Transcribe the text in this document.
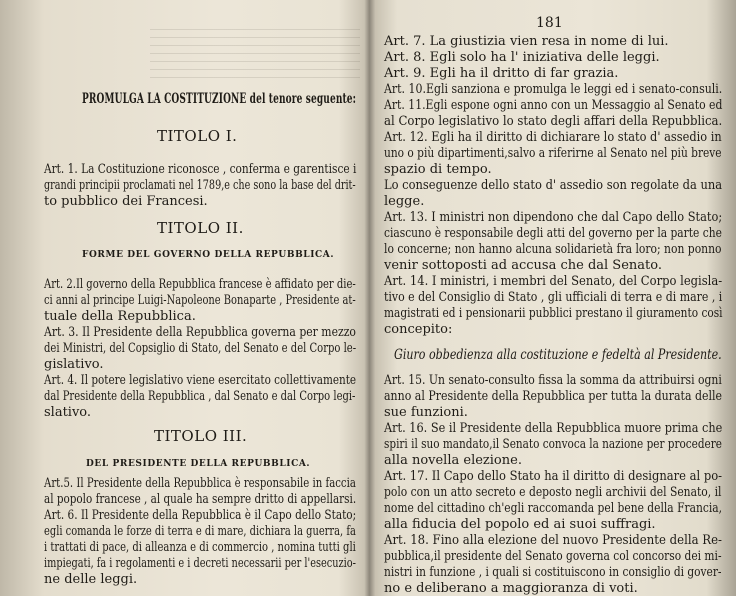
PROMULGA LA COSTITUZIONE del tenore seguente:
TITOLO I.
Art. 1. La Costituzione riconosce , conferma e garentisce i
grandi principii proclamati nel 1789,e che sono la base del drit-
to pubblico dei Francesi.
TITOLO II.
FORME DEL GOVERNO DELLA REPUBBLICA.
Art. 2.Il governo della Repubblica francese è affidato per die-
ci anni al principe Luigi-Napoleone Bonaparte , Presidente at-
tuale della Repubblica.
Art. 3. Il Presidente della Repubblica governa per mezzo
dei Ministri, del Copsiglio di Stato, del Senato e del Corpo le-
gislativo.
Art. 4. Il potere legislativo viene esercitato collettivamente
dal Presidente della Repubblica , dal Senato e dal Corpo legi-
slativo.
TITOLO III.
DEL PRESIDENTE DELLA REPUBBLICA.
Art.5. Il Presidente della Repubblica è responsabile in faccia
al popolo francese , al quale ha sempre dritto di appellarsi.
Art. 6. Il Presidente della Repubblica è il Capo dello Stato;
egli comanda le forze di terra e di mare, dichiara la guerra, fa
i trattati di pace, di alleanza e di commercio , nomina tutti gli
impiegati, fa i regolamenti e i decreti necessarii per l'esecuzio-
ne delle leggi.
181
Art. 7. La giustizia vien resa in nome di lui.
Art. 8. Egli solo ha l' iniziativa delle leggi.
Art. 9. Egli ha il dritto di far grazia.
Art. 10.Egli sanziona e promulga le leggi ed i senato-consuli.
Art. 11.Egli espone ogni anno con un Messaggio al Senato ed
al Corpo legislativo lo stato degli affari della Repubblica.
Art. 12. Egli ha il diritto di dichiarare lo stato d' assedio in
uno o più dipartimenti,salvo a riferirne al Senato nel più breve
spazio di tempo.
Lo conseguenze dello stato d' assedio son regolate da una
legge.
Art. 13. I ministri non dipendono che dal Capo dello Stato;
ciascuno è responsabile degli atti del governo per la parte che
lo concerne; non hanno alcuna solidarietà fra loro; non ponno
venir sottoposti ad accusa che dal Senato.
Art. 14. I ministri, i membri del Senato, del Corpo legisla-
tivo e del Consiglio di Stato , gli ufficiali di terra e di mare , i
magistrati ed i pensionarii pubblici prestano il giuramento così
concepito:
Giuro obbedienza alla costituzione e fedeltà al Presidente.
Art. 15. Un senato-consulto fissa la somma da attribuirsi ogni
anno al Presidente della Repubblica per tutta la durata delle
sue funzioni.
Art. 16. Se il Presidente della Repubblica muore prima che
spiri il suo mandato,il Senato convoca la nazione per procedere
alla novella elezione.
Art. 17. Il Capo dello Stato ha il diritto di designare al po-
polo con un atto secreto e deposto negli archivii del Senato, il
nome del cittadino ch'egli raccomanda pel bene della Francia,
alla fiducia del popolo ed ai suoi suffragi.
Art. 18. Fino alla elezione del nuovo Presidente della Re-
pubblica,il presidente del Senato governa col concorso dei mi-
nistri in funzione , i quali si costituiscono in consiglio di gover-
no e deliberano a maggioranza di voti.
